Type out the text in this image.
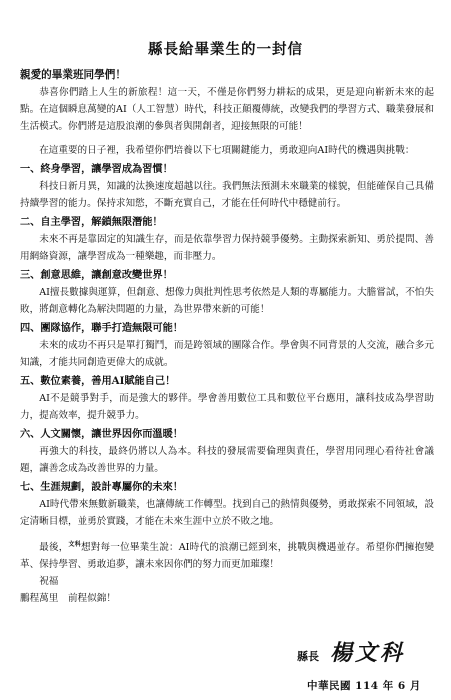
縣長給畢業生的一封信

親愛的畢業班同學們！

恭喜你們踏上人生的新旅程！這一天，不僅是你們努力耕耘的成果，更是迎向嶄新未來的起點。在這個瞬息萬變的AI（人工智慧）時代，科技正顛覆傳統，改變我們的學習方式、職業發展和生活模式。你們將是這股浪潮的參與者與開創者，迎接無限的可能！

在這重要的日子裡，我希望你們培養以下七項關鍵能力，勇敢迎向AI時代的機遇與挑戰：

一、終身學習，讓學習成為習慣！

科技日新月異，知識的汰換速度超越以往。我們無法預測未來職業的樣貌，但能確保自己具備持續學習的能力。保持求知慾，不斷充實自己，才能在任何時代中穩健前行。

二、自主學習，解鎖無限潛能！

未來不再是靠固定的知識生存，而是依靠學習力保持競爭優勢。主動探索新知、勇於提問、善用網絡資源，讓學習成為一種樂趣，而非壓力。

三、創意思維，讓創意改變世界！

AI擅長數據與運算，但創意、想像力與批判性思考依然是人類的專屬能力。大膽嘗試，不怕失敗，將創意轉化為解決問題的力量，為世界帶來新的可能！

四、團隊協作，聯手打造無限可能！

未來的成功不再只是單打獨鬥，而是跨領域的團隊合作。學會與不同背景的人交流，融合多元知識，才能共同創造更偉大的成就。

五、數位素養，善用AI賦能自己！

AI不是競爭對手，而是強大的夥伴。學會善用數位工具和數位平台應用，讓科技成為學習助力，提高效率，提升競爭力。

六、人文關懷，讓世界因你而溫暖！

再強大的科技，最終仍將以人為本。科技的發展需要倫理與責任，學習用同理心看待社會議題，讓善念成為改善世界的力量。

七、生涯規劃，設計專屬你的未來！

AI時代帶來無數新職業，也讓傳統工作轉型。找到自己的熱情與優勢，勇敢探索不同領域，設定清晰目標，並勇於實踐，才能在未來生涯中立於不敗之地。

最後，$^{文科}$想對每一位畢業生說：AI時代的浪潮已經到來，挑戰與機遇並存。希望你們擁抱變革、保持學習、勇敢追夢，讓未來因你們的努力而更加璀璨！

祝福

鵬程萬里　前程似錦！

縣長 楊文科
中華民國 114 年 6 月
